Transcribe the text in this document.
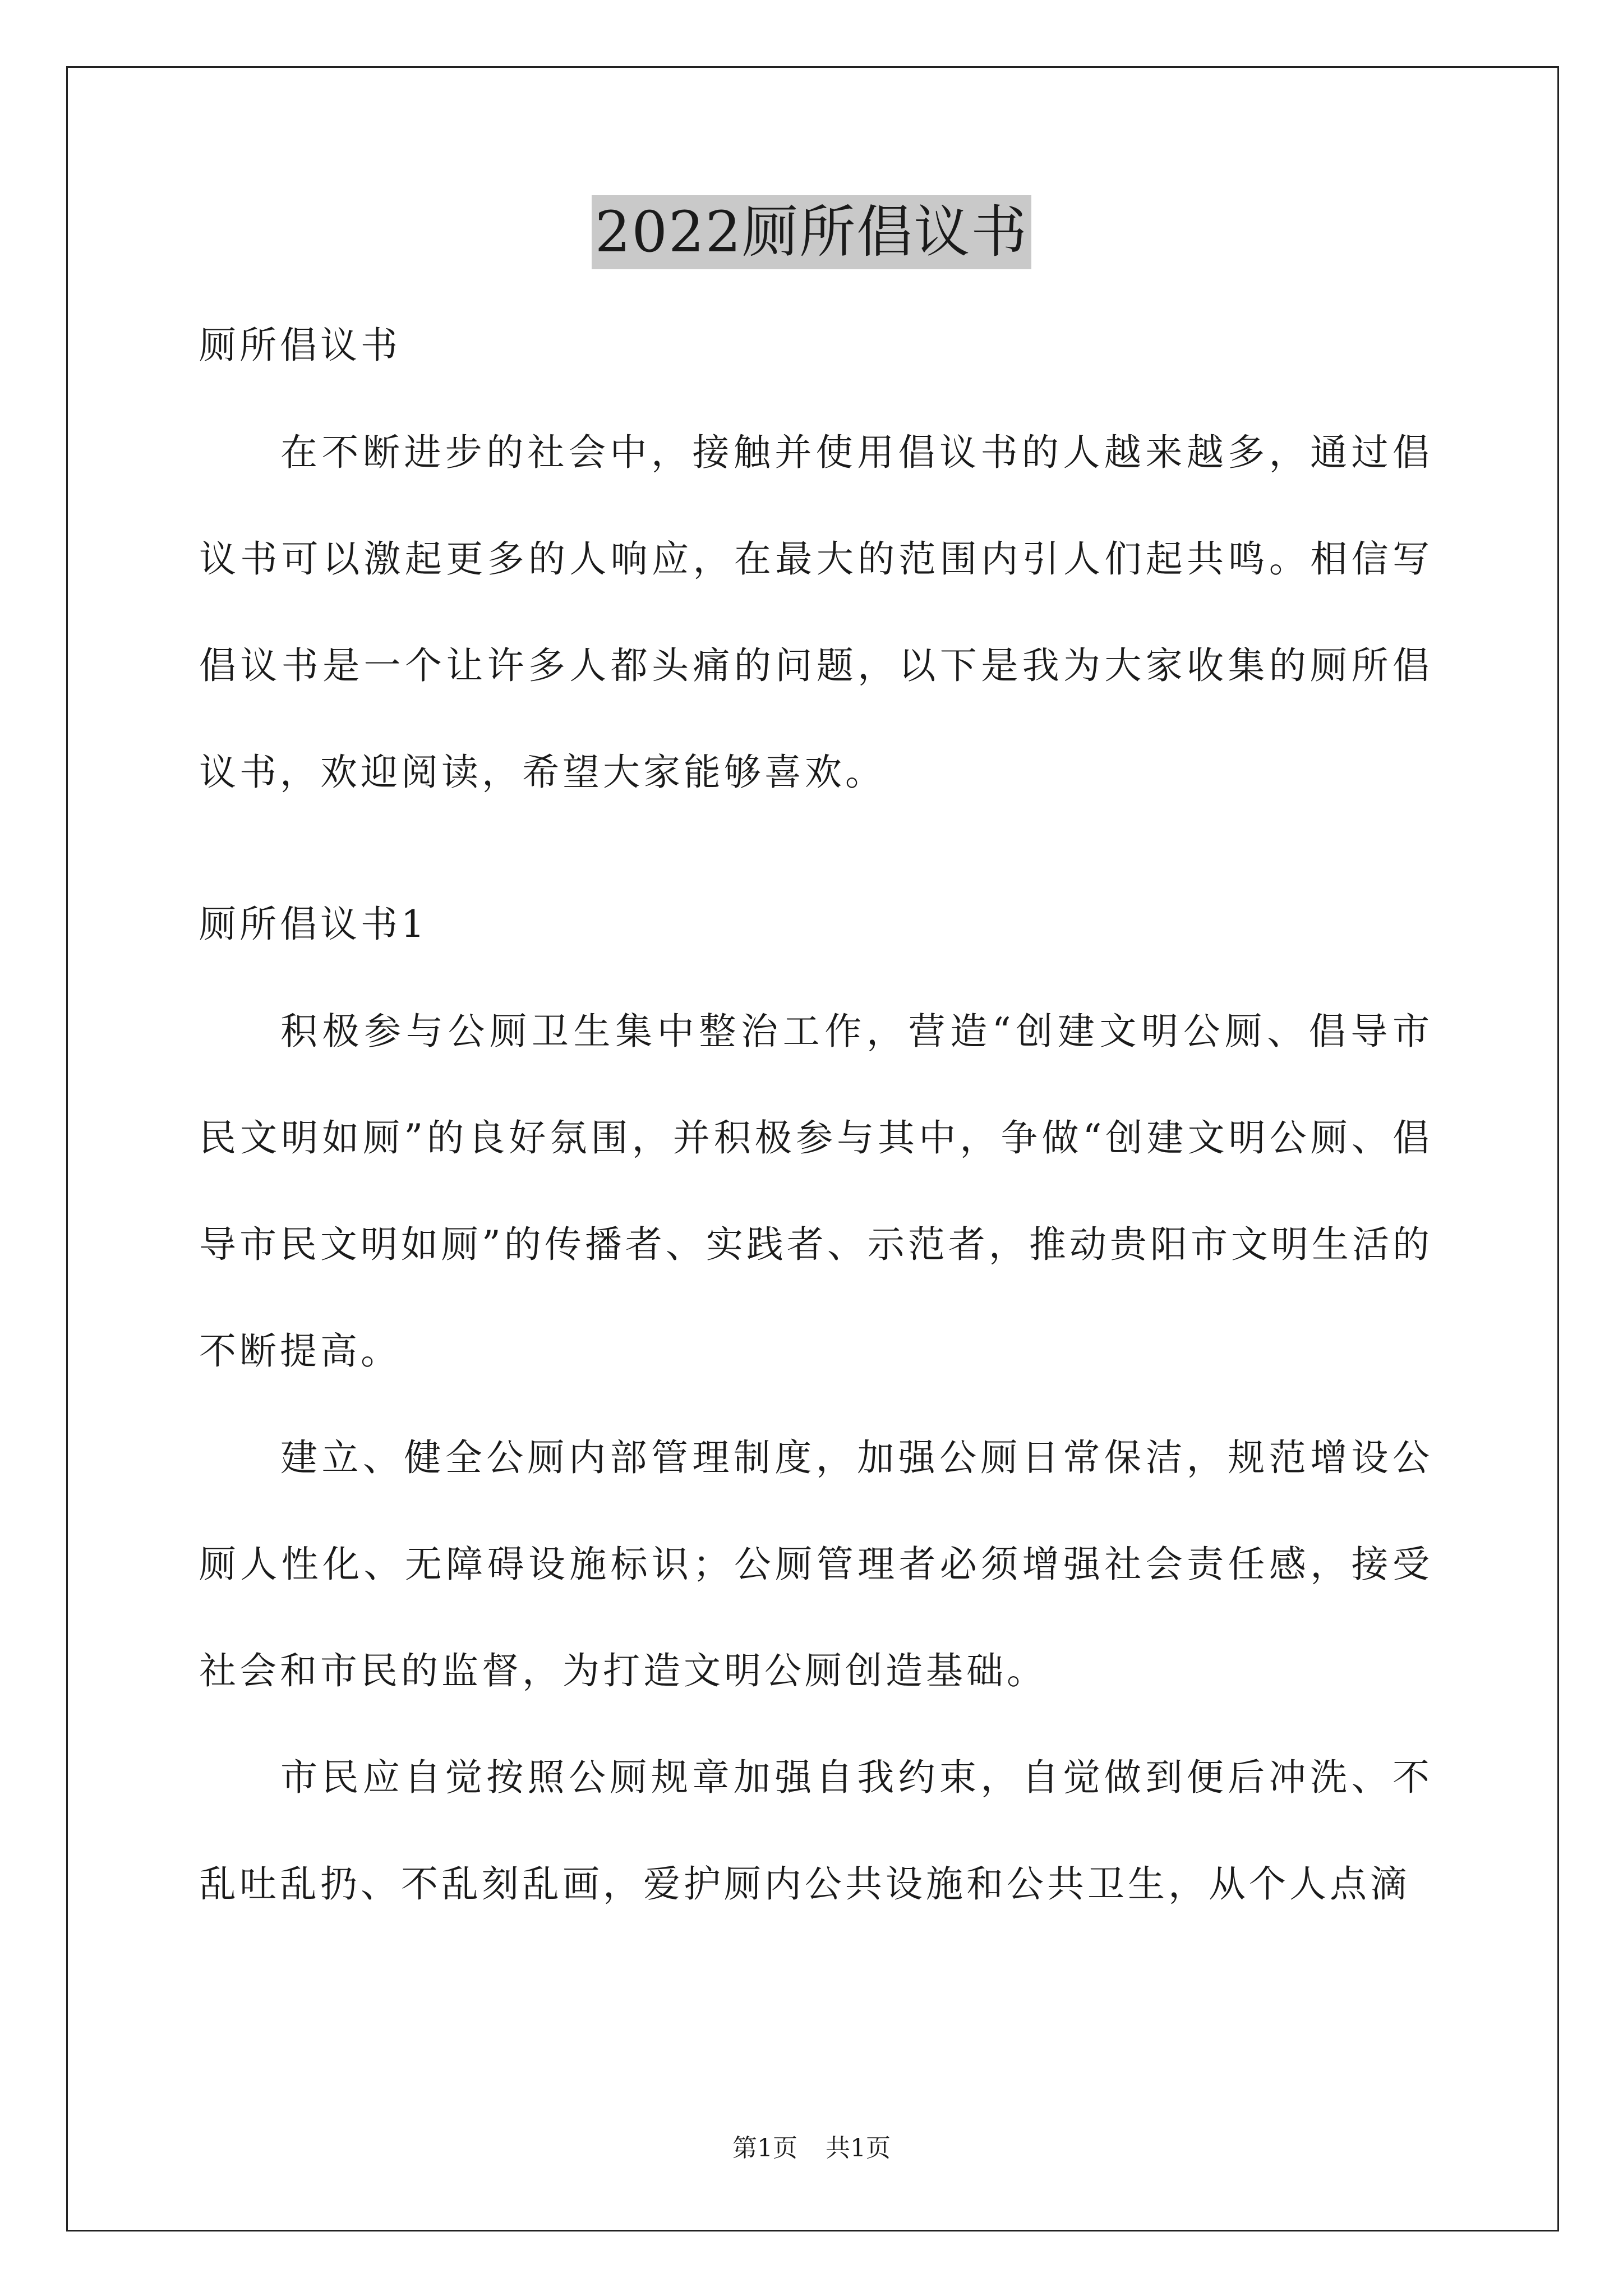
2022厕所倡议书

厕所倡议书

在不断进步的社会中，接触并使用倡议书的人越来越多，通过倡议书可以激起更多的人响应，在最大的范围内引人们起共鸣。相信写倡议书是一个让许多人都头痛的问题，以下是我为大家收集的厕所倡议书，欢迎阅读，希望大家能够喜欢。

厕所倡议书1

积极参与公厕卫生集中整治工作，营造“创建文明公厕、倡导市民文明如厕”的良好氛围，并积极参与其中，争做“创建文明公厕、倡导市民文明如厕”的传播者、实践者、示范者，推动贵阳市文明生活的不断提高。

建立、健全公厕内部管理制度，加强公厕日常保洁，规范增设公厕人性化、无障碍设施标识；公厕管理者必须增强社会责任感，接受社会和市民的监督，为打造文明公厕创造基础。

市民应自觉按照公厕规章加强自我约束，自觉做到便后冲洗、不乱吐乱扔、不乱刻乱画，爱护厕内公共设施和公共卫生，从个人点滴

第1页 共1页
